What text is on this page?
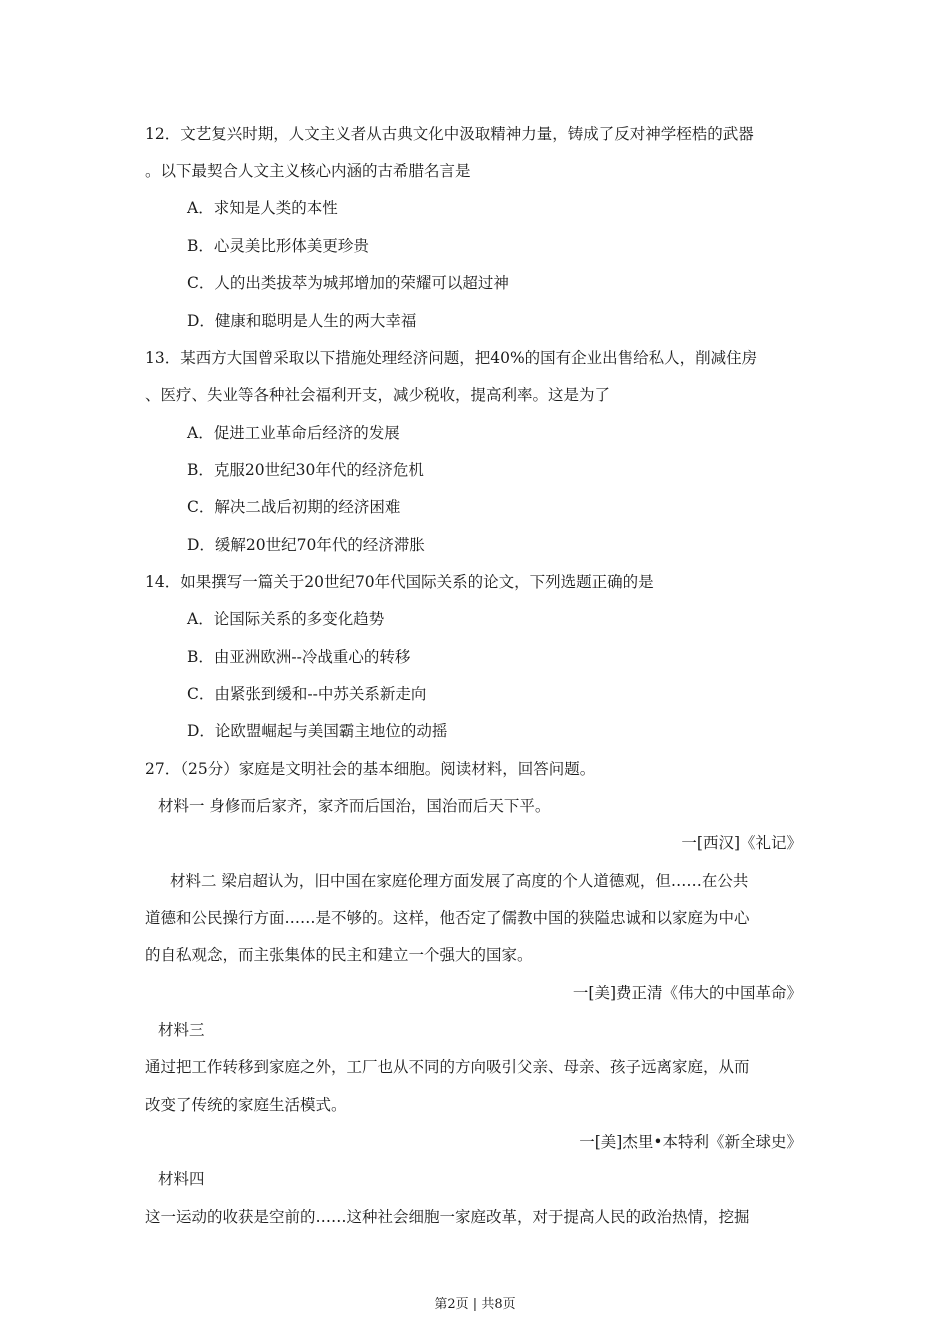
12．文艺复兴时期，人文主义者从古典文化中汲取精神力量，铸成了反对神学桎梏的武器
。以下最契合人文主义核心内涵的古希腊名言是
A．求知是人类的本性
B．心灵美比形体美更珍贵
C．人的出类拔萃为城邦增加的荣耀可以超过神
D．健康和聪明是人生的两大幸福
13．某西方大国曾采取以下措施处理经济问题，把40%的国有企业出售给私人，削减住房
、医疗、失业等各种社会福利开支，减少税收，提高利率。这是为了
A．促进工业革命后经济的发展
B．克服20世纪30年代的经济危机
C．解决二战后初期的经济困难
D．缓解20世纪70年代的经济滞胀
14．如果撰写一篇关于20世纪70年代国际关系的论文，下列选题正确的是
A．论国际关系的多变化趋势
B．由亚洲欧洲--冷战重心的转移
C．由紧张到缓和--中苏关系新走向
D．论欧盟崛起与美国霸主地位的动摇
27．（25分）家庭是文明社会的基本细胞。阅读材料，回答问题。
材料一 身修而后家齐，家齐而后国治，国治而后天下平。
一[西汉]《礼记》
材料二 梁启超认为，旧中国在家庭伦理方面发展了高度的个人道德观，但……在公共
道德和公民操行方面……是不够的。这样，他否定了儒教中国的狭隘忠诚和以家庭为中心
的自私观念，而主张集体的民主和建立一个强大的国家。
一[美]费正清《伟大的中国革命》
材料三
通过把工作转移到家庭之外，工厂也从不同的方向吸引父亲、母亲、孩子远离家庭，从而
改变了传统的家庭生活模式。
一[美]杰里•本特利《新全球史》
材料四
这一运动的收获是空前的……这种社会细胞一家庭改革，对于提高人民的政治热情，挖掘
第2页 | 共8页
